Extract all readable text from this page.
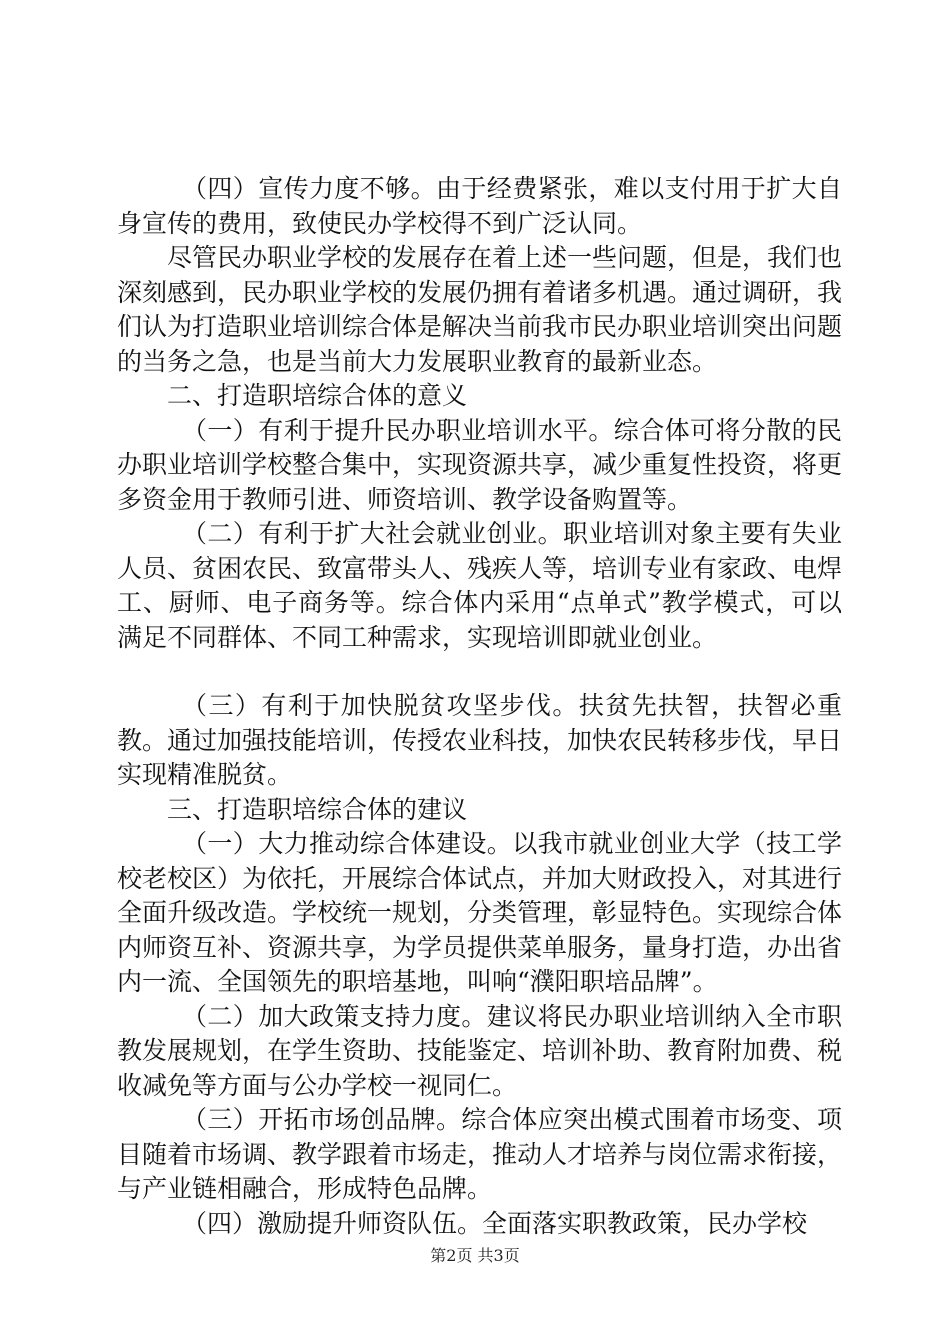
（四）宣传力度不够。由于经费紧张，难以支付用于扩大自身宣传的费用，致使民办学校得不到广泛认同。

尽管民办职业学校的发展存在着上述一些问题，但是，我们也深刻感到，民办职业学校的发展仍拥有着诸多机遇。通过调研，我们认为打造职业培训综合体是解决当前我市民办职业培训突出问题的当务之急，也是当前大力发展职业教育的最新业态。

二、打造职培综合体的意义

（一）有利于提升民办职业培训水平。综合体可将分散的民办职业培训学校整合集中，实现资源共享，减少重复性投资，将更多资金用于教师引进、师资培训、教学设备购置等。

（二）有利于扩大社会就业创业。职业培训对象主要有失业人员、贫困农民、致富带头人、残疾人等，培训专业有家政、电焊工、厨师、电子商务等。综合体内采用“点单式”教学模式，可以满足不同群体、不同工种需求，实现培训即就业创业。

（三）有利于加快脱贫攻坚步伐。扶贫先扶智，扶智必重教。通过加强技能培训，传授农业科技，加快农民转移步伐，早日实现精准脱贫。

三、打造职培综合体的建议

（一）大力推动综合体建设。以我市就业创业大学（技工学校老校区）为依托，开展综合体试点，并加大财政投入，对其进行全面升级改造。学校统一规划，分类管理，彰显特色。实现综合体内师资互补、资源共享，为学员提供菜单服务，量身打造，办出省内一流、全国领先的职培基地，叫响“濮阳职培品牌”。

（二）加大政策支持力度。建议将民办职业培训纳入全市职教发展规划，在学生资助、技能鉴定、培训补助、教育附加费、税收减免等方面与公办学校一视同仁。

（三）开拓市场创品牌。综合体应突出模式围着市场变、项目随着市场调、教学跟着市场走，推动人才培养与岗位需求衔接，与产业链相融合，形成特色品牌。

（四）激励提升师资队伍。全面落实职教政策，民办学校

第2页 共3页
